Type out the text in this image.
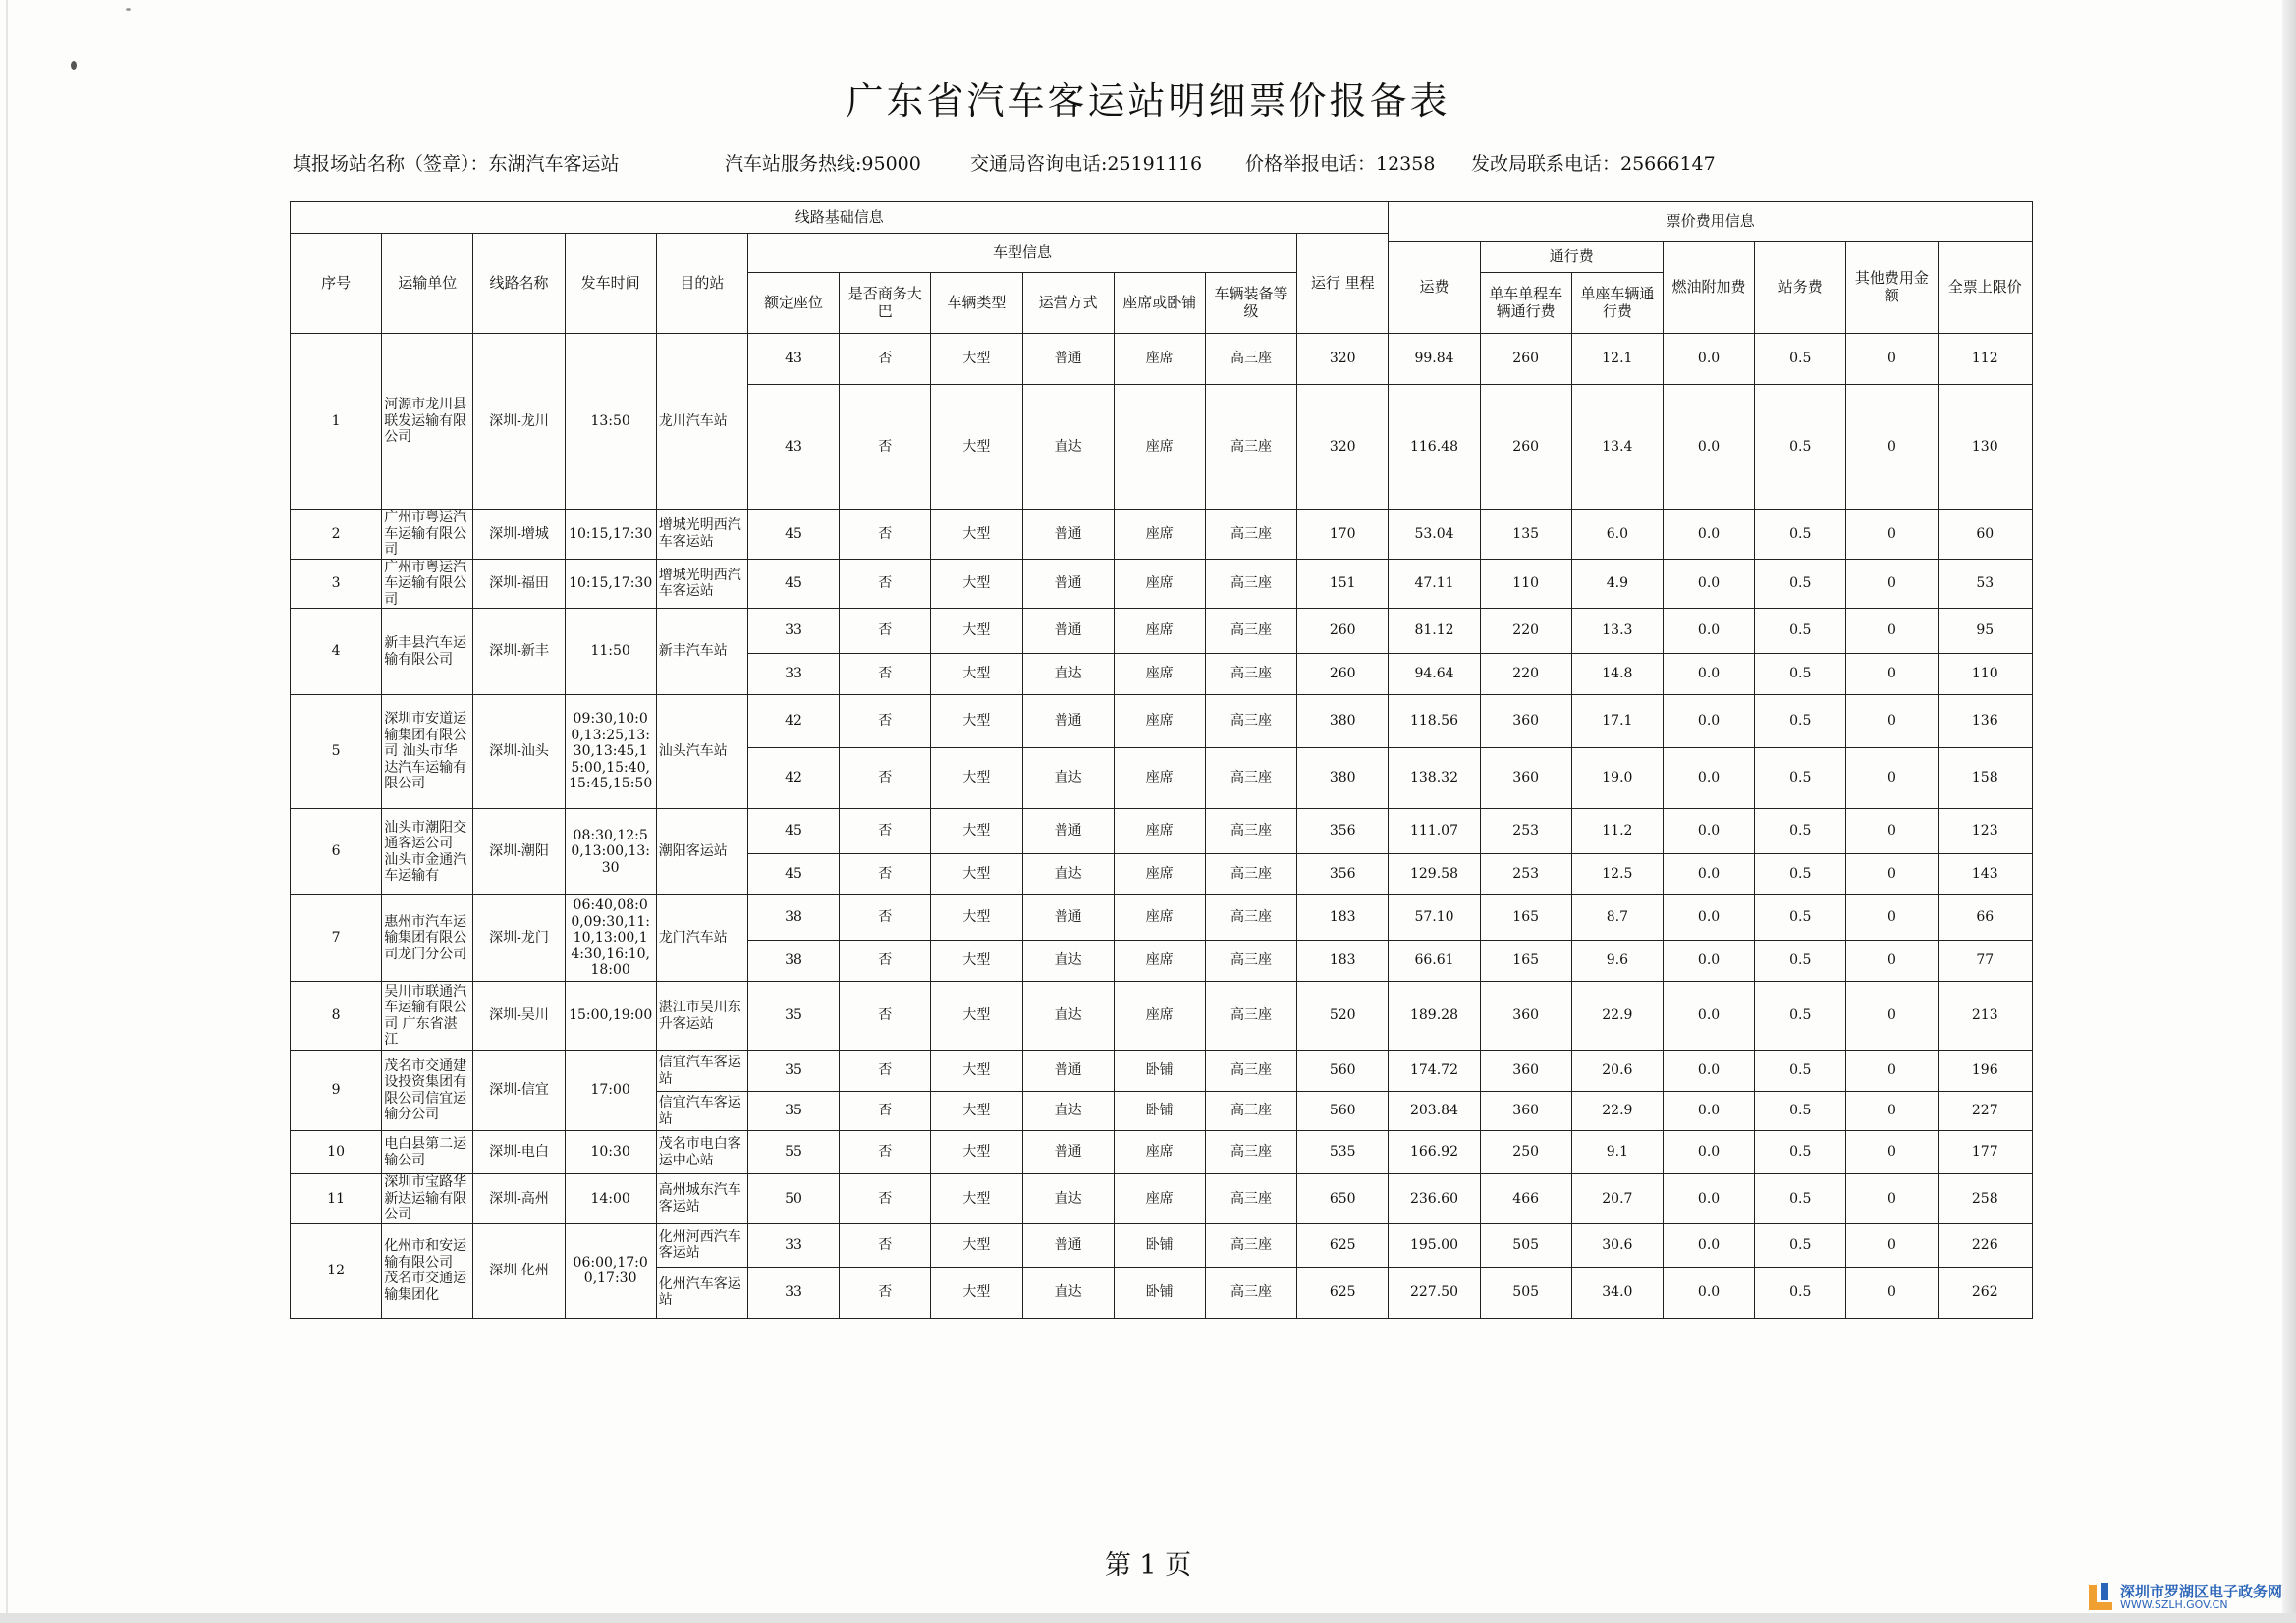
广东省汽车客运站明细票价报备表
填报场站名称（签章）：东湖汽车客运站	汽车站服务热线:95000	交通局咨询电话:25191116 价格举报电话：12358 发改局联系电话：25666147
线路基础信息												票价费用信息						
序号	运输单位	线路名称	发车时间	目的站	车型信息						运行 里程							
												运费	通行费		燃油附加费	站务费	其他费用金额	全票上限价
					额定座位	是否商务大巴	车辆类型	运营方式	座席或卧铺	车辆装备等级			单车单程车辆通行费	单座车辆通行费				

1	河源市龙川县联发运输有限公司	深圳-龙川	13:50	龙川汽车站	43	否	大型	普通	座席	高三座	320	99.84	260	12.1	0.0	0.5	0	112
					43	否	大型	直达	座席	高三座	320	116.48	260	13.4	0.0	0.5	0	130
2	广州市粤运汽车运输有限公司	深圳-增城	10:15,17:30	增城光明西汽车客运站	45	否	大型	普通	座席	高三座	170	53.04	135	6.0	0.0	0.5	0	60
3	广州市粤运汽车运输有限公司	深圳-福田	10:15,17:30	增城光明西汽车客运站	45	否	大型	普通	座席	高三座	151	47.11	110	4.9	0.0	0.5	0	53
4	新丰县汽车运输有限公司	深圳-新丰	11:50	新丰汽车站	33	否	大型	普通	座席	高三座	260	81.12	220	13.3	0.0	0.5	0	95
					33	否	大型	直达	座席	高三座	260	94.64	220	14.8	0.0	0.5	0	110
5	深圳市安道运输集团有限公司 汕头市华达汽车运输有限公司	深圳-汕头	09:30,10:00,13:25,13:30,13:45,15:00,15:40,15:45,15:50	汕头汽车站	42	否	大型	普通	座席	高三座	380	118.56	360	17.1	0.0	0.5	0	136
					42	否	大型	直达	座席	高三座	380	138.32	360	19.0	0.0	0.5	0	158
6	汕头市潮阳交通客运公司 汕头市金通汽车运输有	深圳-潮阳	08:30,12:50,13:00,13:30	潮阳客运站	45	否	大型	普通	座席	高三座	356	111.07	253	11.2	0.0	0.5	0	123
					45	否	大型	直达	座席	高三座	356	129.58	253	12.5	0.0	0.5	0	143
7	惠州市汽车运输集团有限公司龙门分公司	深圳-龙门	06:40,08:00,09:30,11:10,13:00,14:30,16:10,18:00	龙门汽车站	38	否	大型	普通	座席	高三座	183	57.10	165	8.7	0.0	0.5	0	66
					38	否	大型	直达	座席	高三座	183	66.61	165	9.6	0.0	0.5	0	77
8	吴川市联通汽车运输有限公司 广东省湛江	深圳-吴川	15:00,19:00	湛江市吴川东升客运站	35	否	大型	直达	座席	高三座	520	189.28	360	22.9	0.0	0.5	0	213
9	茂名市交通建设投资集团有限公司信宜运输分公司	深圳-信宜	17:00	信宜汽车客运站	35	否	大型	普通	卧铺	高三座	560	174.72	360	20.6	0.0	0.5	0	196
				信宜汽车客运站	35	否	大型	直达	卧铺	高三座	560	203.84	360	22.9	0.0	0.5	0	227
10	电白县第二运输公司	深圳-电白	10:30	茂名市电白客运中心站	55	否	大型	普通	座席	高三座	535	166.92	250	9.1	0.0	0.5	0	177
11	深圳市宝路华新达运输有限公司	深圳-高州	14:00	高州城东汽车客运站	50	否	大型	直达	座席	高三座	650	236.60	466	20.7	0.0	0.5	0	258
12	化州市和安运输有限公司 茂名市交通运输集团化	深圳-化州	06:00,17:00,17:30	化州河西汽车客运站	33	否	大型	普通	卧铺	高三座	625	195.00	505	30.6	0.0	0.5	0	226
				化州汽车客运站	33	否	大型	直达	卧铺	高三座	625	227.50	505	34.0	0.0	0.5	0	262
第 1 页
深圳市罗湖区电子政务网
WWW.SZLH.GOV.CN
